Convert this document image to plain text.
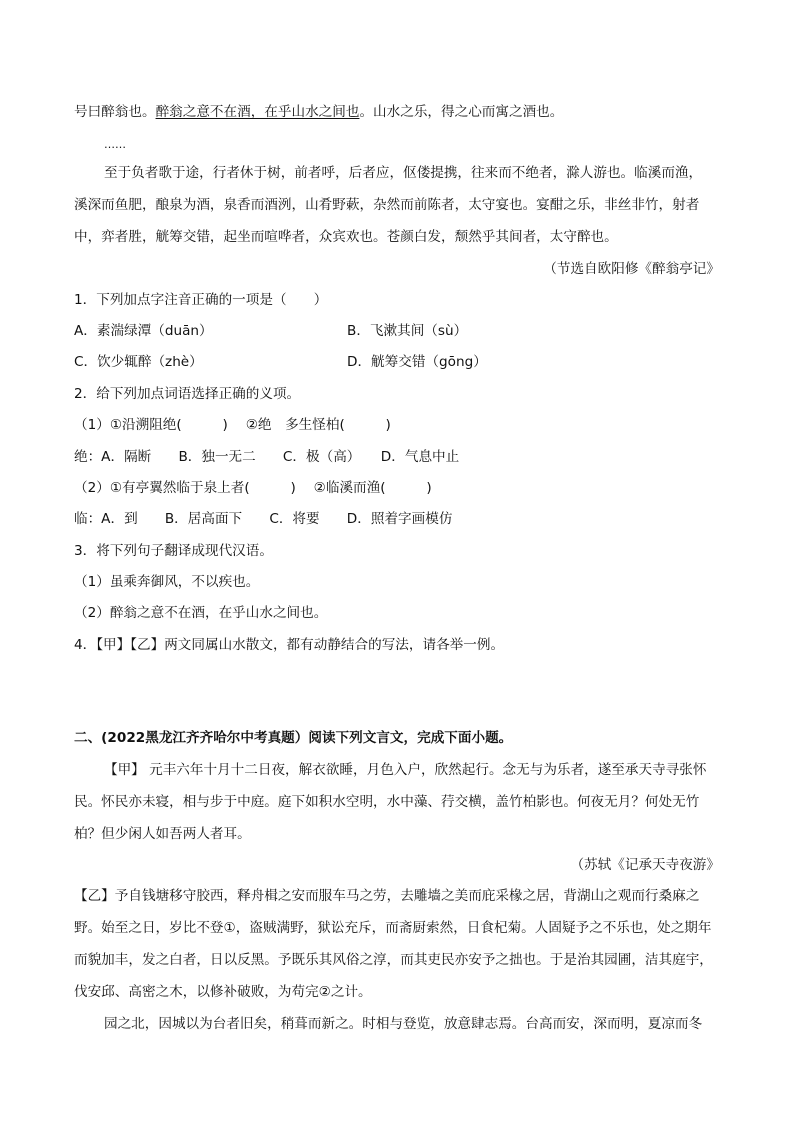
号曰醉翁也。醉翁之意不在酒，在乎山水之间也。山水之乐，得之心而寓之酒也。
……
至于负者歌于途，行者休于树，前者呼，后者应，伛偻提携，往来而不绝者，滁人游也。临溪而渔，
溪深而鱼肥，酿泉为酒，泉香而酒洌，山肴野蔌，杂然而前陈者，太守宴也。宴酣之乐，非丝非竹，射者
中，弈者胜，觥筹交错，起坐而喧哗者，众宾欢也。苍颜白发，颓然乎其间者，太守醉也。
（节选自欧阳修《醉翁亭记》
1．下列加点字注音正确的一项是（　　）
A．素湍绿潭（duān）	B．飞漱其间（sù）
C．饮少辄醉（zhè）	D．觥筹交错（gōng）
2．给下列加点词语选择正确的义项。
（1）①沿溯阻绝(　　　)　 ②绝　多生怪柏(　　　)
绝：A．隔断　　B．独一无二　　C．极（高）　　D．气息中止
（2）①有亭翼然临于泉上者(　　　)　 ②临溪而渔(　　　)
临：A．到　　B．居高面下　　C．将要　　D．照着字画模仿
3．将下列句子翻译成现代汉语。
（1）虽乘奔御风，不以疾也。
（2）醉翁之意不在酒，在乎山水之间也。
4．【甲】【乙】两文同属山水散文，都有动静结合的写法，请各举一例。
二、(2022黑龙江齐齐哈尔中考真题）阅读下列文言文，完成下面小题。
【甲】 元丰六年十月十二日夜，解衣欲睡，月色入户，欣然起行。念无与为乐者，遂至承天寺寻张怀
民。怀民亦未寝，相与步于中庭。庭下如积水空明，水中藻、荇交横，盖竹柏影也。何夜无月？何处无竹
柏？但少闲人如吾两人者耳。
（苏轼《记承天寺夜游》
【乙】予自钱塘移守胶西，释舟楫之安而服车马之劳，去雕墙之美而庇采椽之居，背湖山之观而行桑麻之
野。始至之日，岁比不登①，盗贼满野，狱讼充斥，而斋厨索然，日食杞菊。人固疑予之不乐也，处之期年
而貌加丰，发之白者，日以反黑。予既乐其风俗之淳，而其吏民亦安予之拙也。于是治其园圃，洁其庭宇，
伐安邱、高密之木，以修补破败，为苟完②之计。
园之北，因城以为台者旧矣，稍葺而新之。时相与登览，放意肆志焉。台高而安，深而明，夏凉而冬
